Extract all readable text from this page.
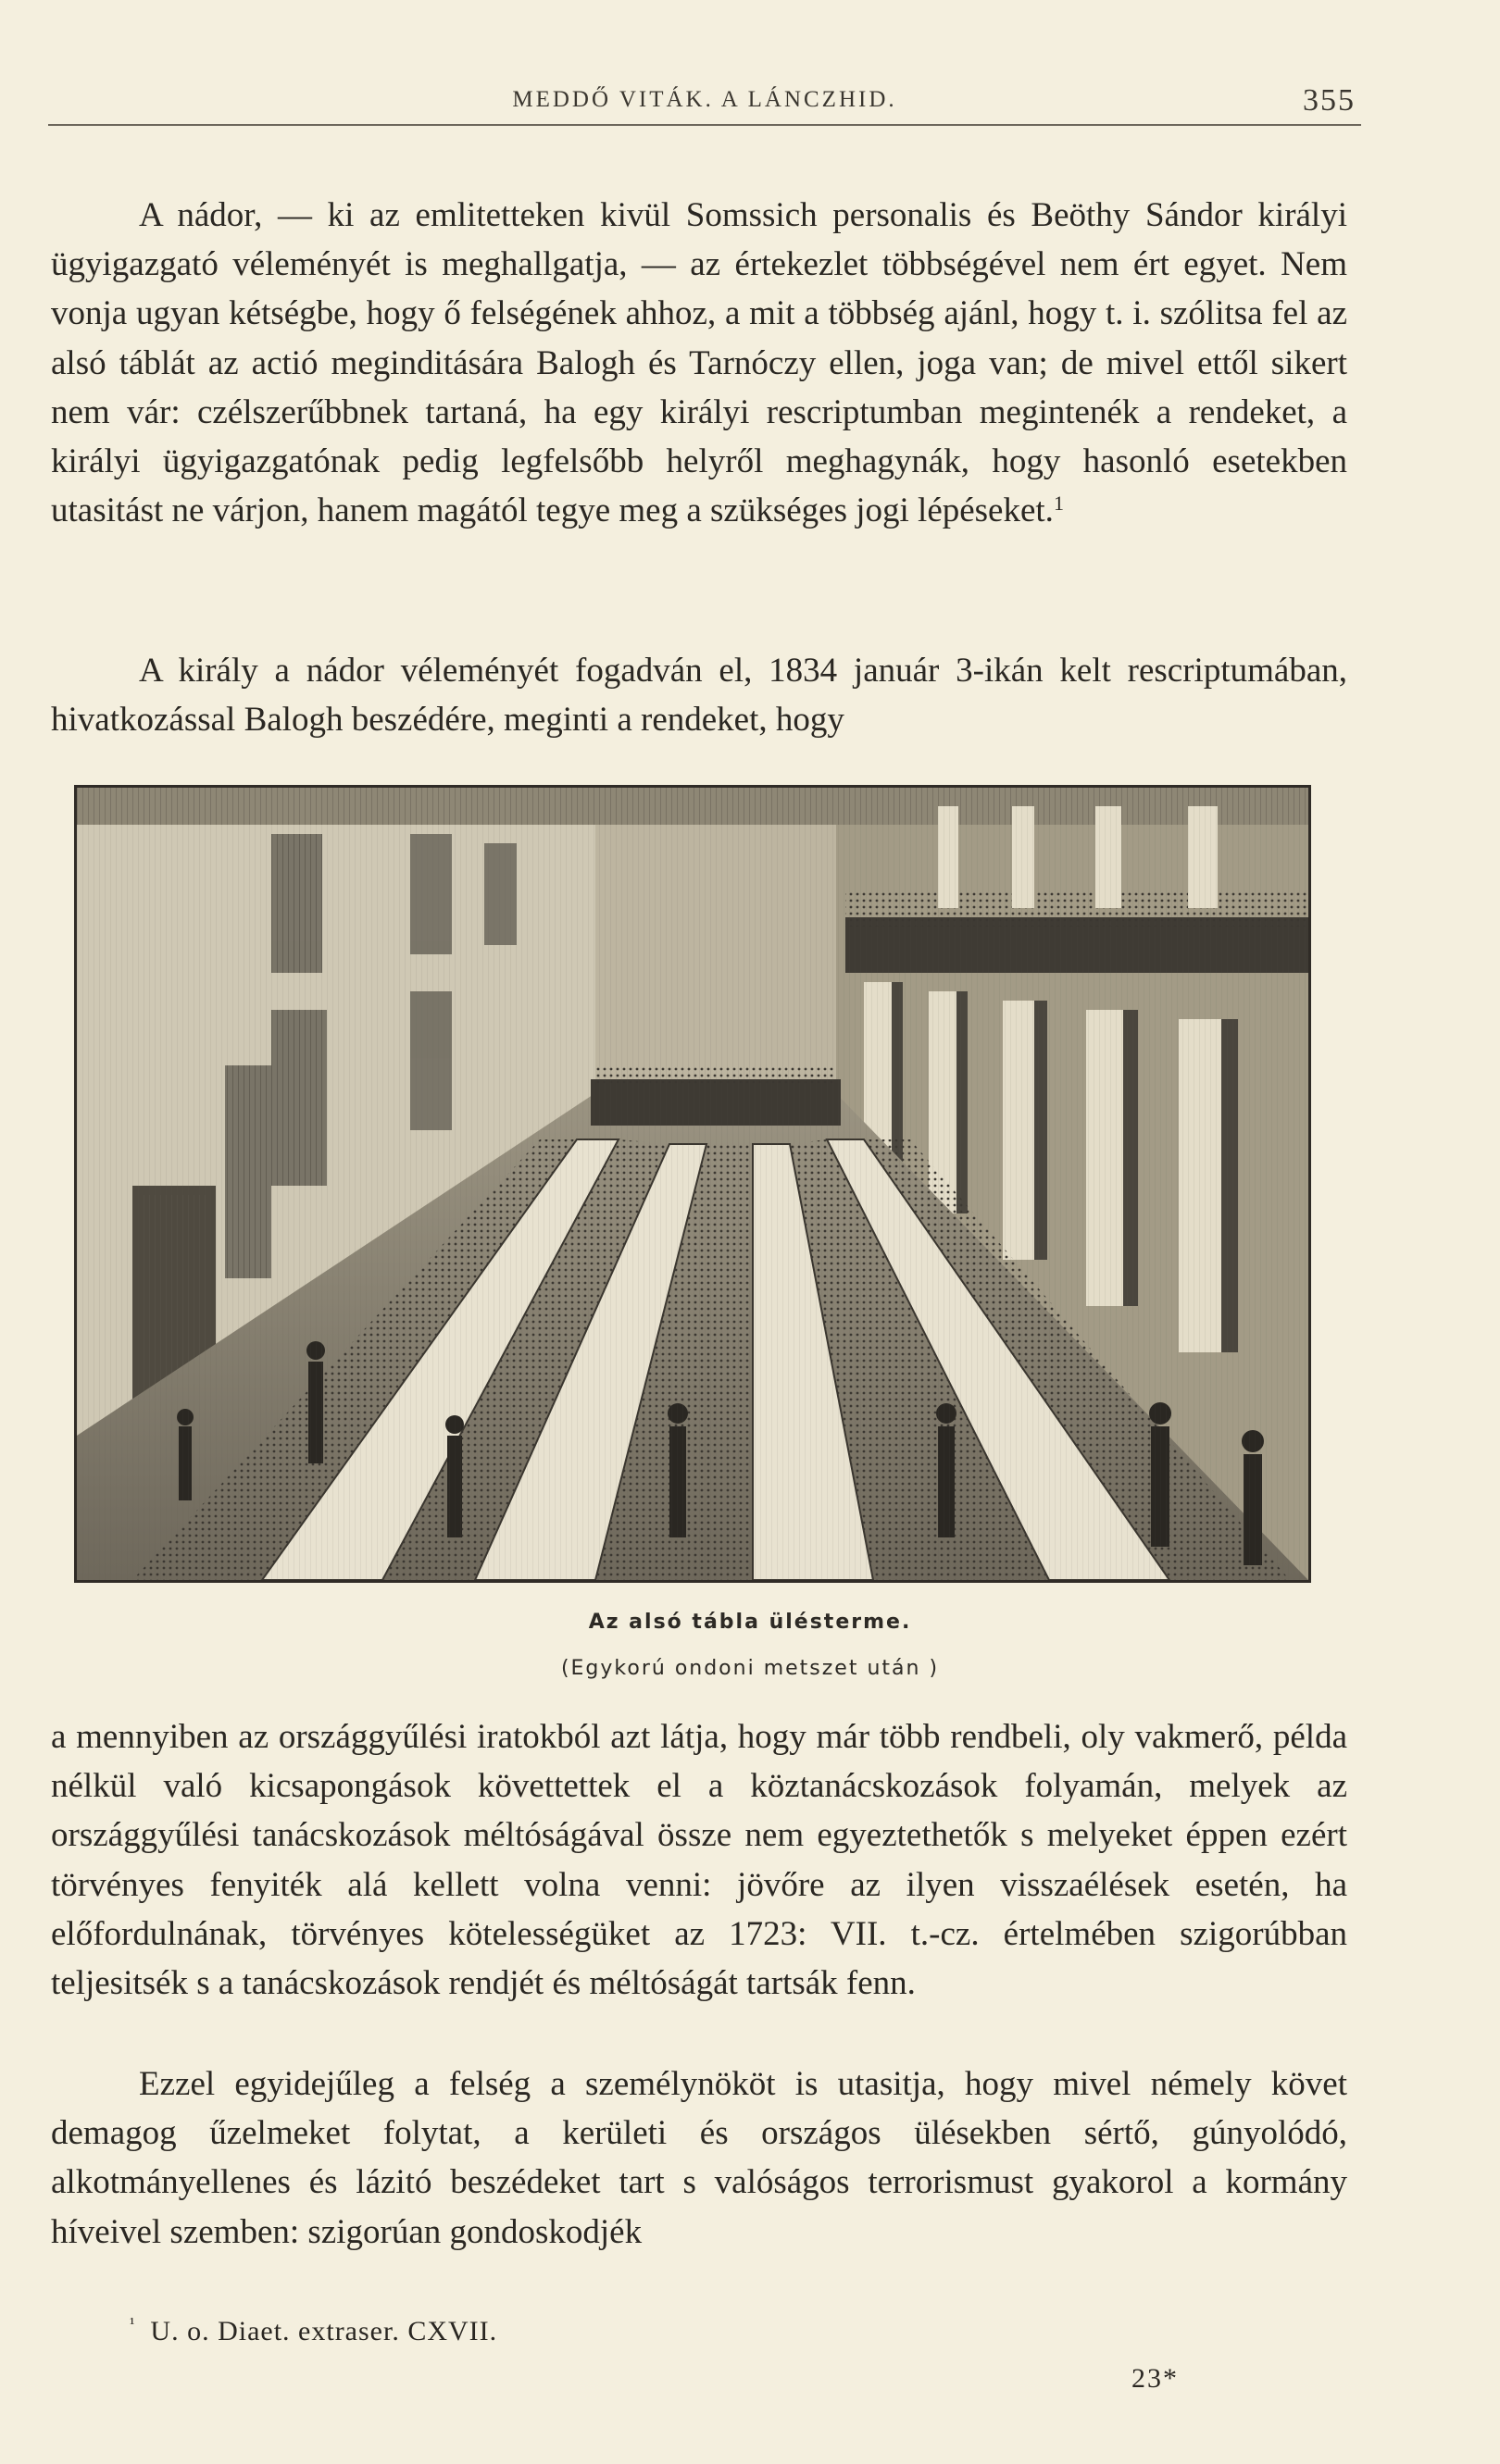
MEDDŐ VITÁK. A LÁNCZHID.	355

A nádor, — ki az emlitetteken kivül Somssich personalis és Beöthy Sándor királyi ügyigazgató véleményét is meghallgatja, — az értekezlet többségével nem ért egyet. Nem vonja ugyan kétségbe, hogy ő felségének ahhoz, a mit a többség ajánl, hogy t. i. szólitsa fel az alsó táblát az actió meginditására Balogh és Tarnóczy ellen, joga van; de mivel ettől sikert nem vár: czélszerűbbnek tartaná, ha egy királyi rescriptumban megintenék a rendeket, a királyi ügyigazgatónak pedig legfelsőbb helyről meghagynák, hogy hasonló esetekben utasitást ne várjon, hanem magától tegye meg a szükséges jogi lépéseket.$^1$

A király a nádor véleményét fogadván el, 1834 január 3-ikán kelt rescriptumában, hivatkozással Balogh beszédére, meginti a rendeket, hogy

Az alsó tábla ülésterme.
(Egykorú ondoni metszet után )

a mennyiben az országgyűlési iratokból azt látja, hogy már több rendbeli, oly vakmerő, példa nélkül való kicsapongások követtettek el a köztanácskozások folyamán, melyek az országgyűlési tanácskozások méltóságával össze nem egyeztethetők s melyeket éppen ezért törvényes fenyiték alá kellett volna venni: jövőre az ilyen visszaélések esetén, ha előfordulnának, törvényes kötelességüket az 1723: VII. t.-cz. értelmében szigorúbban teljesitsék s a tanácskozások rendjét és méltóságát tartsák fenn.

Ezzel egyidejűleg a felség a személynököt is utasitja, hogy mivel némely követ demagog űzelmeket folytat, a kerületi és országos ülésekben sértő, gúnyolódó, alkotmányellenes és lázitó beszédeket tart s valóságos terrorismust gyakorol a kormány híveivel szemben: szigorúan gondoskodjék

$^{^1}$ U. o. Diaet. extraser. CXVII.
23*
